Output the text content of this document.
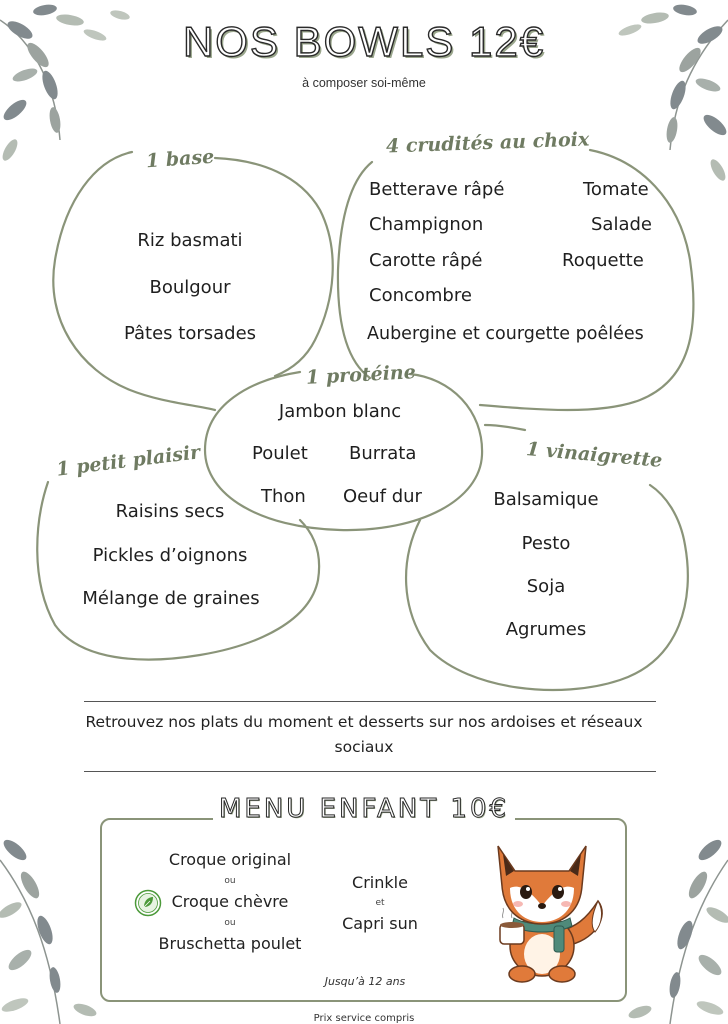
NOS BOWLS 12€
à composer soi-même
1 base
4 crudités au choix
1 protéine
1 petit plaisir	1 vinaigrette
Riz basmati
Boulgour
Pâtes torsades
Betterave râpé	Tomate
Champignon	Salade
Carotte râpé	Roquette
Concombre
Aubergine et courgette poêlées
Jambon blanc
Poulet Burrata
Thon Oeuf dur
Raisins secs
Pickles d’oignons
Mélange de graines
Balsamique
Pesto
Soja
Agrumes
Retrouvez nos plats du moment et desserts sur nos ardoises et réseaux sociaux
MENU ENFANT 10€
Croque original
ou
Croque chèvre
ou
Bruschetta poulet
Crinkle
et
Capri sun
Jusqu’à 12 ans
Prix service compris
